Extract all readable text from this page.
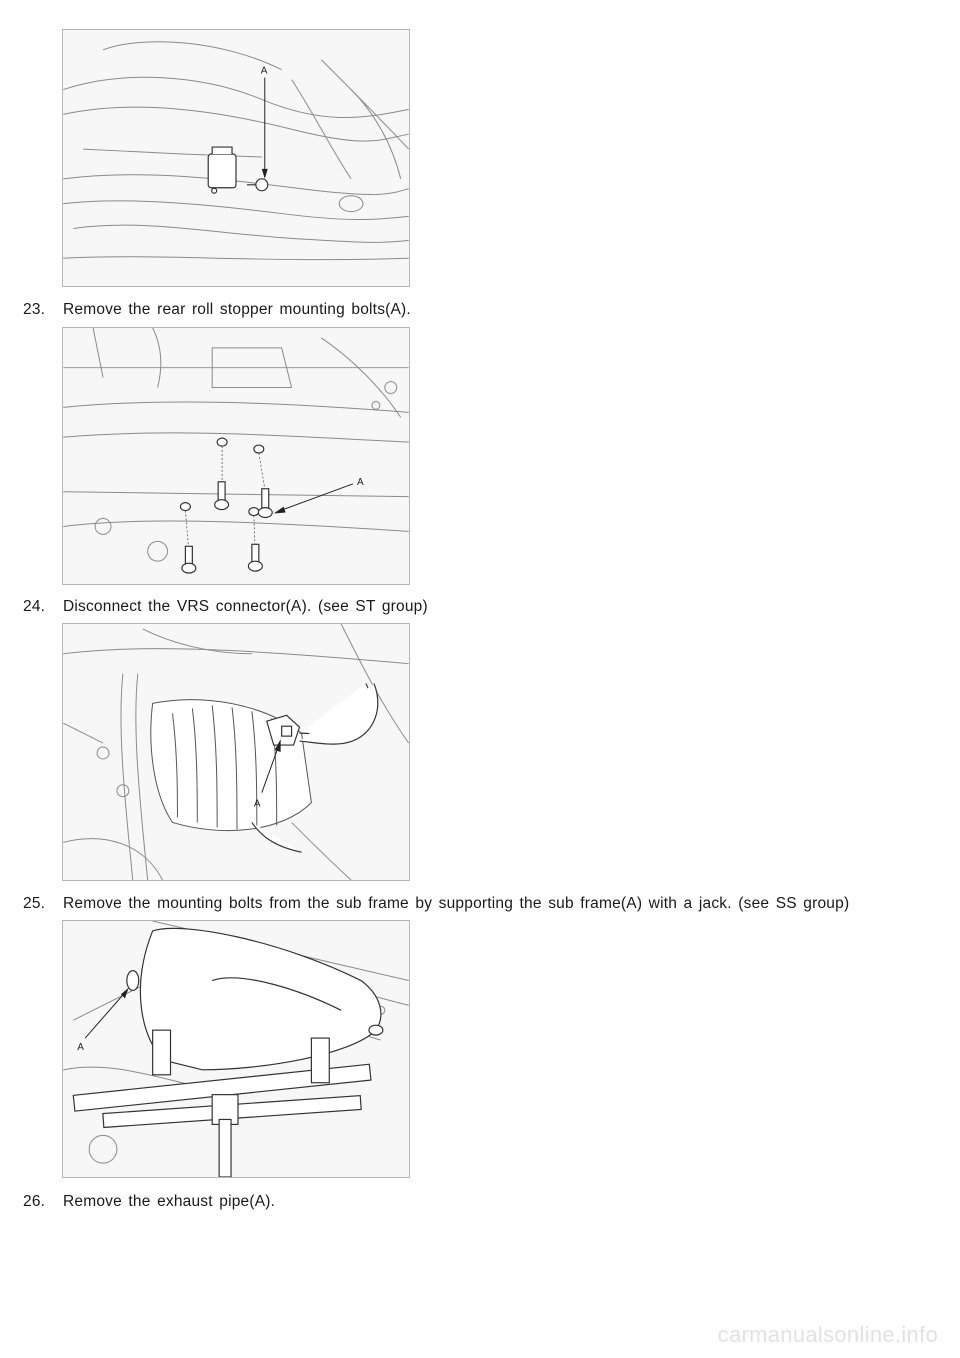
A
23. Remove the rear roll stopper mounting bolts(A).
A
24. Disconnect the VRS connector(A). (see ST group)
A
25. Remove the mounting bolts from the sub frame by supporting the sub frame(A) with a jack. (see SS group)
A
26. Remove the exhaust pipe(A).
carmanualsonline.info
